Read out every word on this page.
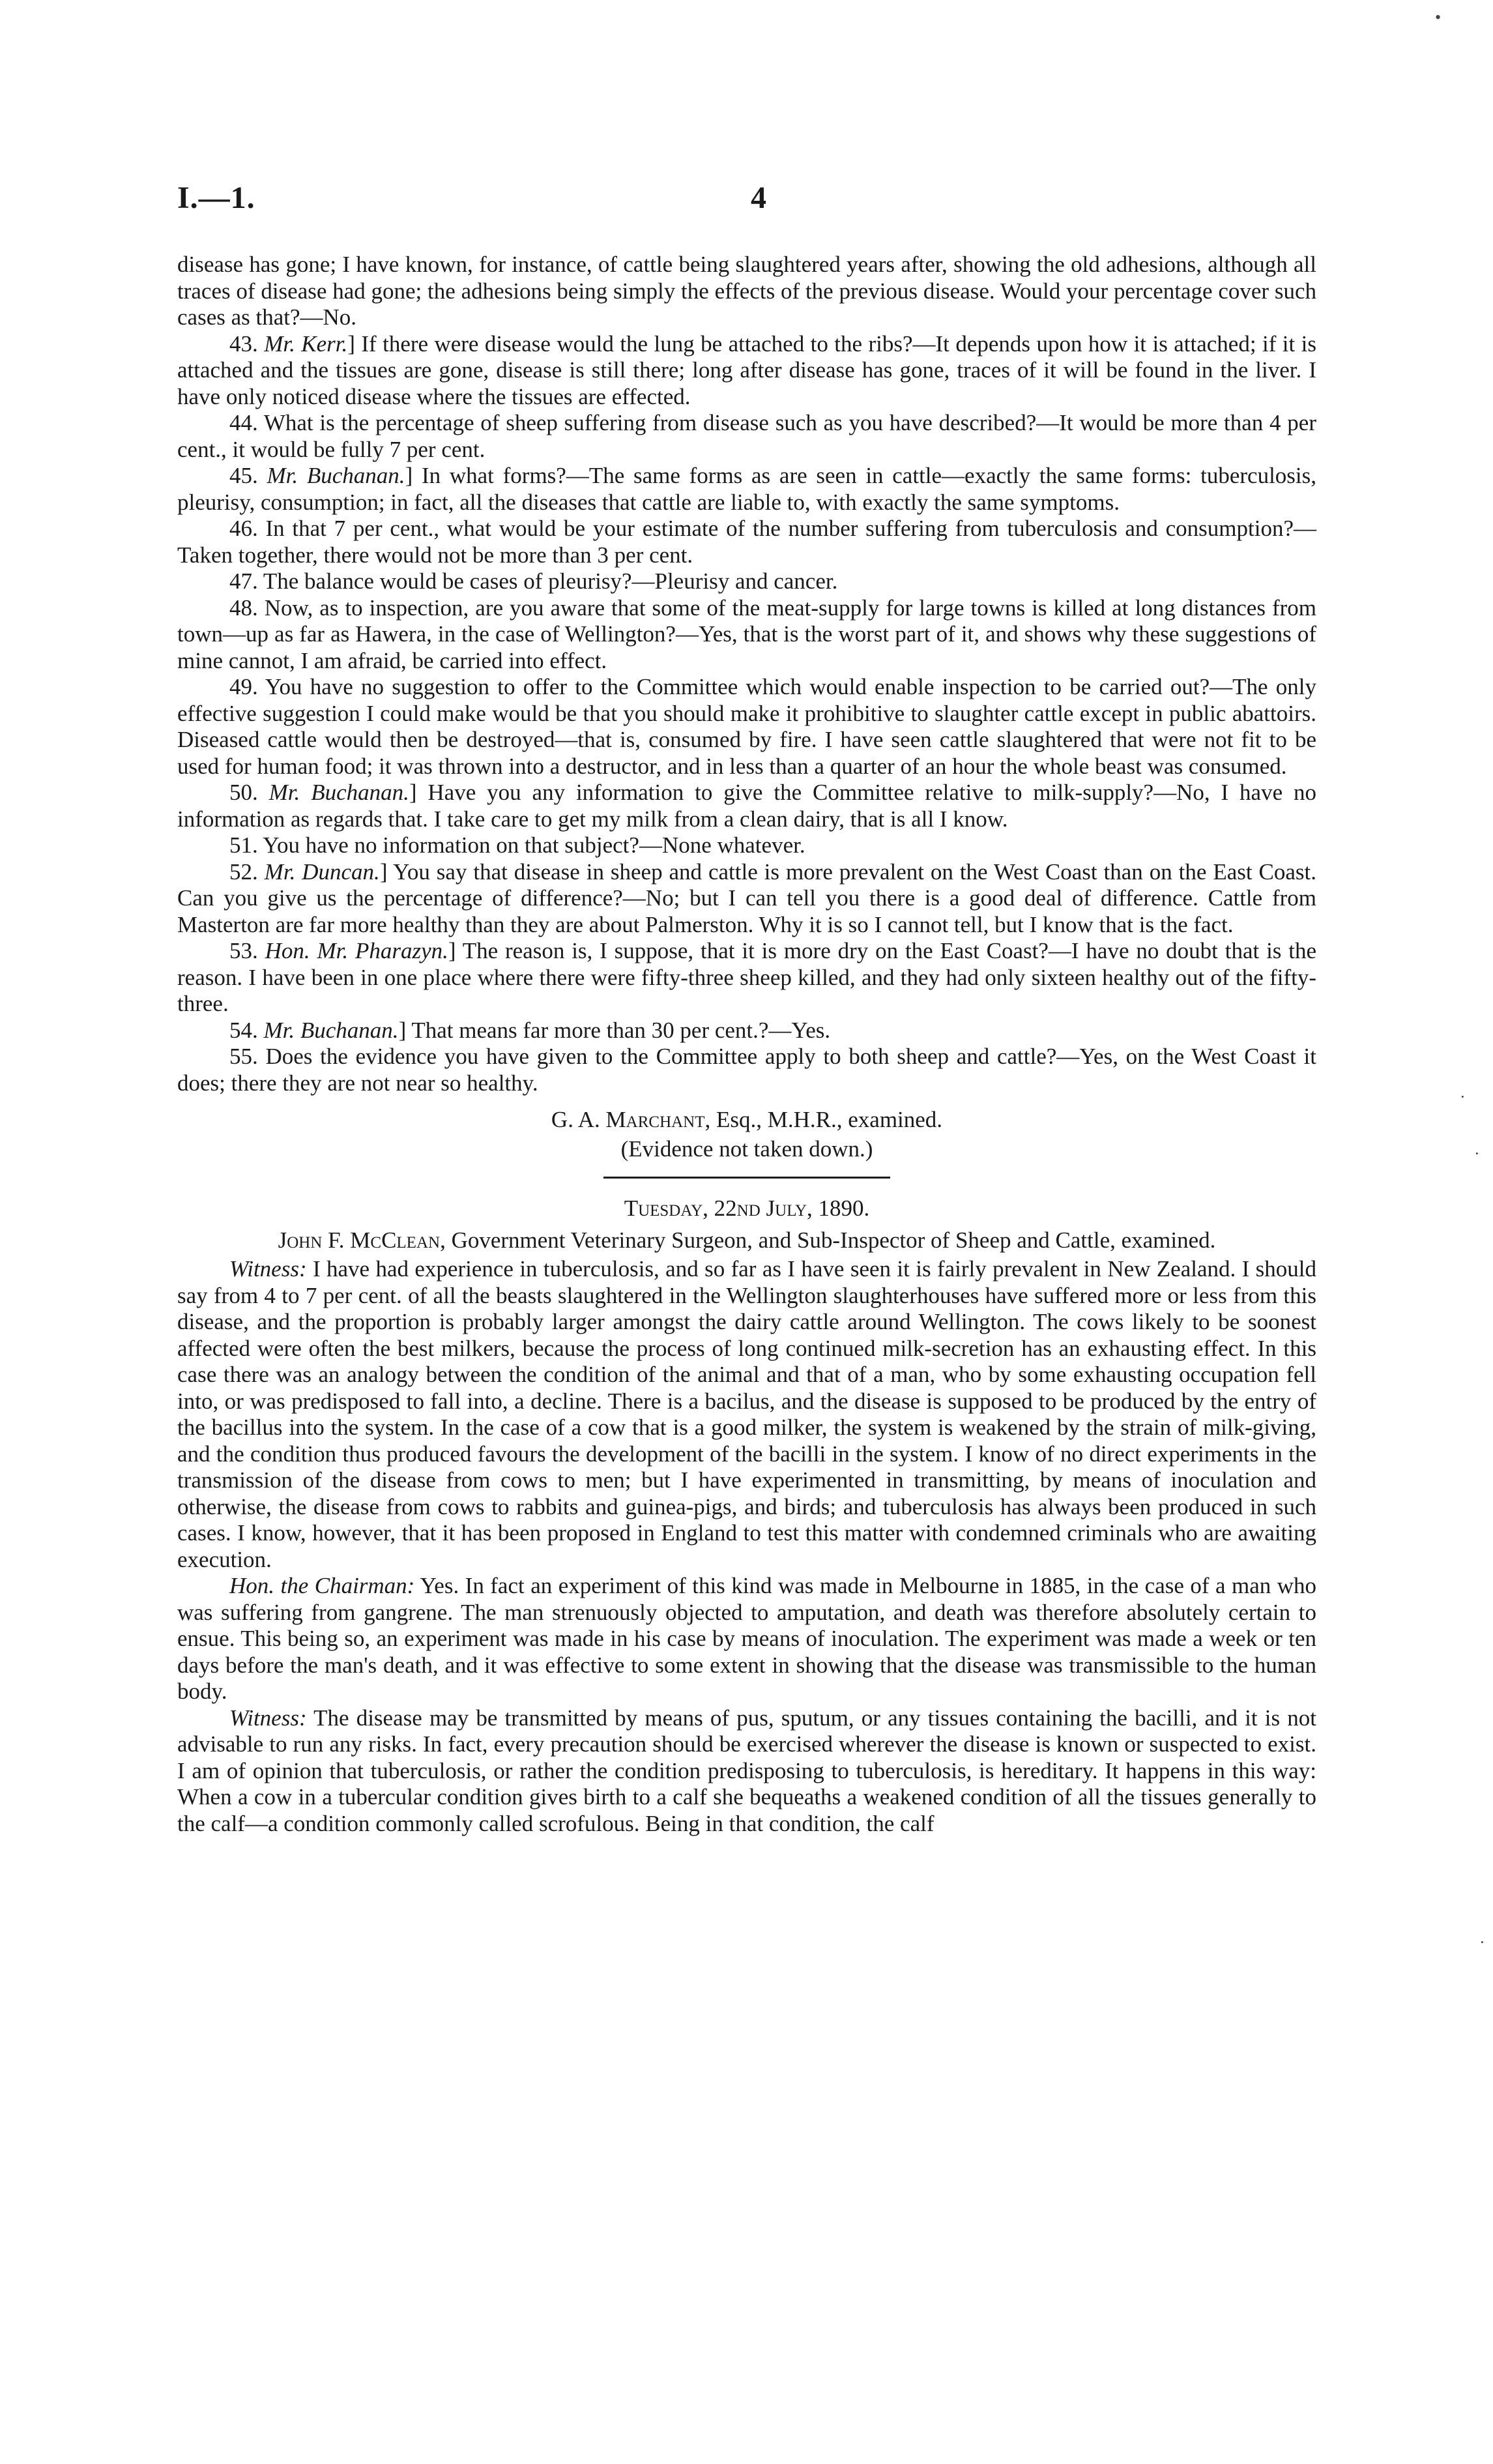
I.—1.	4

disease has gone; I have known, for instance, of cattle being slaughtered years after, showing the old adhesions, although all traces of disease had gone; the adhesions being simply the effects of the previous disease. Would your percentage cover such cases as that?—No.

43. Mr. Kerr.] If there were disease would the lung be attached to the ribs?—It depends upon how it is attached; if it is attached and the tissues are gone, disease is still there; long after disease has gone, traces of it will be found in the liver. I have only noticed disease where the tissues are effected.

44. What is the percentage of sheep suffering from disease such as you have described?—It would be more than 4 per cent., it would be fully 7 per cent.

45. Mr. Buchanan.] In what forms?—The same forms as are seen in cattle—exactly the same forms: tuberculosis, pleurisy, consumption; in fact, all the diseases that cattle are liable to, with exactly the same symptoms.

46. In that 7 per cent., what would be your estimate of the number suffering from tuberculosis and consumption?—Taken together, there would not be more than 3 per cent.

47. The balance would be cases of pleurisy?—Pleurisy and cancer.

48. Now, as to inspection, are you aware that some of the meat-supply for large towns is killed at long distances from town—up as far as Hawera, in the case of Wellington?—Yes, that is the worst part of it, and shows why these suggestions of mine cannot, I am afraid, be carried into effect.

49. You have no suggestion to offer to the Committee which would enable inspection to be carried out?—The only effective suggestion I could make would be that you should make it prohibitive to slaughter cattle except in public abattoirs. Diseased cattle would then be destroyed—that is, consumed by fire. I have seen cattle slaughtered that were not fit to be used for human food; it was thrown into a destructor, and in less than a quarter of an hour the whole beast was consumed.

50. Mr. Buchanan.] Have you any information to give the Committee relative to milk-supply?—No, I have no information as regards that. I take care to get my milk from a clean dairy, that is all I know.

51. You have no information on that subject?—None whatever.

52. Mr. Duncan.] You say that disease in sheep and cattle is more prevalent on the West Coast than on the East Coast. Can you give us the percentage of difference?—No; but I can tell you there is a good deal of difference. Cattle from Masterton are far more healthy than they are about Palmerston. Why it is so I cannot tell, but I know that is the fact.

53. Hon. Mr. Pharazyn.] The reason is, I suppose, that it is more dry on the East Coast?—I have no doubt that is the reason. I have been in one place where there were fifty-three sheep killed, and they had only sixteen healthy out of the fifty-three.

54. Mr. Buchanan.] That means far more than 30 per cent.?—Yes.

55. Does the evidence you have given to the Committee apply to both sheep and cattle?—Yes, on the West Coast it does; there they are not near so healthy.

G. A. Marchant, Esq., M.H.R., examined.

(Evidence not taken down.)

Tuesday, 22nd July, 1890.

John F. McClean, Government Veterinary Surgeon, and Sub-Inspector of Sheep and Cattle, examined.

Witness: I have had experience in tuberculosis, and so far as I have seen it is fairly prevalent in New Zealand. I should say from 4 to 7 per cent. of all the beasts slaughtered in the Wellington slaughterhouses have suffered more or less from this disease, and the proportion is probably larger amongst the dairy cattle around Wellington. The cows likely to be soonest affected were often the best milkers, because the process of long continued milk-secretion has an exhausting effect. In this case there was an analogy between the condition of the animal and that of a man, who by some exhausting occupation fell into, or was predisposed to fall into, a decline. There is a bacilus, and the disease is supposed to be produced by the entry of the bacillus into the system. In the case of a cow that is a good milker, the system is weakened by the strain of milk-giving, and the condition thus produced favours the development of the bacilli in the system. I know of no direct experiments in the transmission of the disease from cows to men; but I have experimented in transmitting, by means of inoculation and otherwise, the disease from cows to rabbits and guinea-pigs, and birds; and tuberculosis has always been produced in such cases. I know, however, that it has been proposed in England to test this matter with condemned criminals who are awaiting execution.

Hon. the Chairman: Yes. In fact an experiment of this kind was made in Melbourne in 1885, in the case of a man who was suffering from gangrene. The man strenuously objected to amputation, and death was therefore absolutely certain to ensue. This being so, an experiment was made in his case by means of inoculation. The experiment was made a week or ten days before the man's death, and it was effective to some extent in showing that the disease was transmissible to the human body.

Witness: The disease may be transmitted by means of pus, sputum, or any tissues containing the bacilli, and it is not advisable to run any risks. In fact, every precaution should be exercised wherever the disease is known or suspected to exist. I am of opinion that tuberculosis, or rather the condition predisposing to tuberculosis, is hereditary. It happens in this way: When a cow in a tubercular condition gives birth to a calf she bequeaths a weakened condition of all the tissues generally to the calf—a condition commonly called scrofulous. Being in that condition, the calf

•
·
·
·
